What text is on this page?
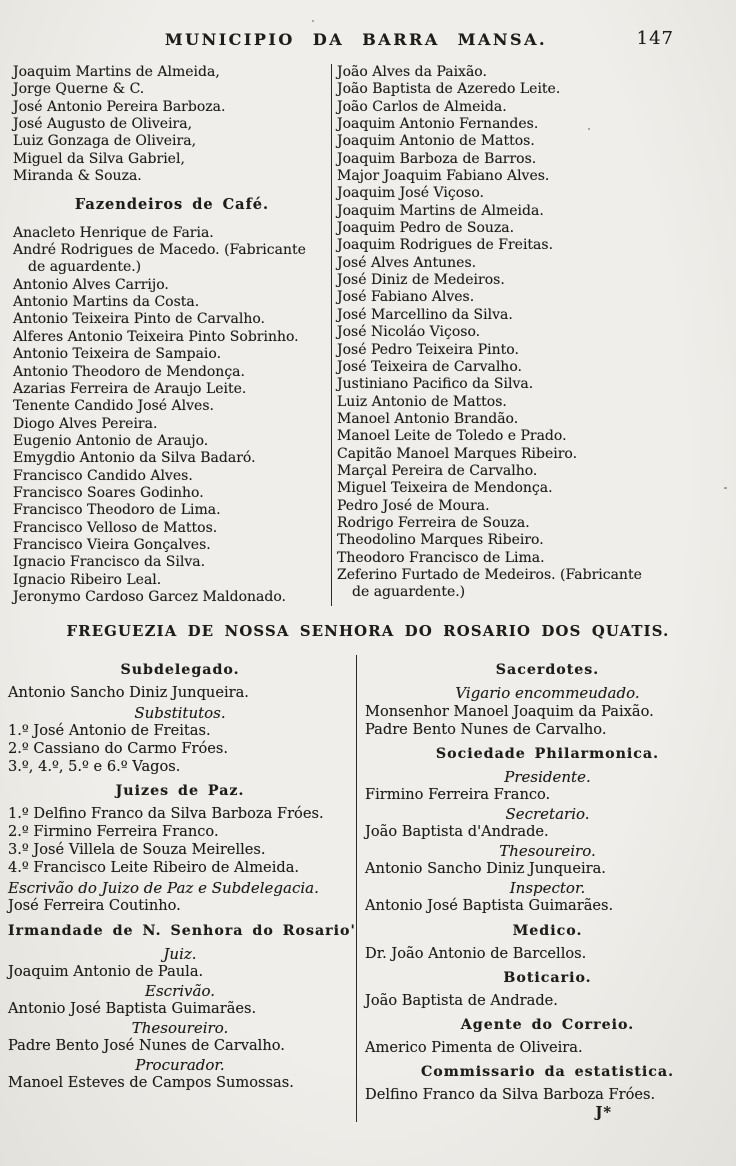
MUNICIPIO DA BARRA MANSA.	147
Joaquim Martins de Almeida,
Jorge Querne & C.
José Antonio Pereira Barboza.
José Augusto de Oliveira,
Luiz Gonzaga de Oliveira,
Miguel da Silva Gabriel,
Miranda & Souza.
Fazendeiros de Café.
Anacleto Henrique de Faria.
André Rodrigues de Macedo. (Fabricante
de aguardente.)
Antonio Alves Carrijo.
Antonio Martins da Costa.
Antonio Teixeira Pinto de Carvalho.
Alferes Antonio Teixeira Pinto Sobrinho.
Antonio Teixeira de Sampaio.
Antonio Theodoro de Mendonça.
Azarias Ferreira de Araujo Leite.
Tenente Candido José Alves.
Diogo Alves Pereira.
Eugenio Antonio de Araujo.
Emygdio Antonio da Silva Badaró.
Francisco Candido Alves.
Francisco Soares Godinho.
Francisco Theodoro de Lima.
Francisco Velloso de Mattos.
Francisco Vieira Gonçalves.
Ignacio Francisco da Silva.
Ignacio Ribeiro Leal.
Jeronymo Cardoso Garcez Maldonado.
João Alves da Paixão.
João Baptista de Azeredo Leite.
João Carlos de Almeida.
Joaquim Antonio Fernandes.
Joaquim Antonio de Mattos.
Joaquim Barboza de Barros.
Major Joaquim Fabiano Alves.
Joaquim José Viçoso.
Joaquim Martins de Almeida.
Joaquim Pedro de Souza.
Joaquim Rodrigues de Freitas.
José Alves Antunes.
José Diniz de Medeiros.
José Fabiano Alves.
José Marcellino da Silva.
José Nicoláo Viçoso.
José Pedro Teixeira Pinto.
José Teixeira de Carvalho.
Justiniano Pacifico da Silva.
Luiz Antonio de Mattos.
Manoel Antonio Brandão.
Manoel Leite de Toledo e Prado.
Capitão Manoel Marques Ribeiro.
Marçal Pereira de Carvalho.
Miguel Teixeira de Mendonça.
Pedro José de Moura.
Rodrigo Ferreira de Souza.
Theodolino Marques Ribeiro.
Theodoro Francisco de Lima.
Zeferino Furtado de Medeiros. (Fabricante
de aguardente.)
FREGUEZIA DE NOSSA SENHORA DO ROSARIO DOS QUATIS.
Subdelegado.
Antonio Sancho Diniz Junqueira.
Substitutos.
1.º José Antonio de Freitas.
2.º Cassiano do Carmo Fróes.
3.º, 4.º, 5.º e 6.º Vagos.
Juizes de Paz.
1.º Delfino Franco da Silva Barboza Fróes.
2.º Firmino Ferreira Franco.
3.º José Villela de Souza Meirelles.
4.º Francisco Leite Ribeiro de Almeida.
Escrivão do Juizo de Paz e Subdelegacia.
José Ferreira Coutinho.
Irmandade de N. Senhora do Rosario'
Juiz.
Joaquim Antonio de Paula.
Escrivão.
Antonio José Baptista Guimarães.
Thesoureiro.
Padre Bento José Nunes de Carvalho.
Procurador.
Manoel Esteves de Campos Sumossas.
Sacerdotes.
Vigario encommeudado.
Monsenhor Manoel Joaquim da Paixão.
Padre Bento Nunes de Carvalho.
Sociedade Philarmonica.
Presidente.
Firmino Ferreira Franco.
Secretario.
João Baptista d'Andrade.
Thesoureiro.
Antonio Sancho Diniz Junqueira.
Inspector.
Antonio José Baptista Guimarães.
Medico.
Dr. João Antonio de Barcellos.
Boticario.
João Baptista de Andrade.
Agente do Correio.
Americo Pimenta de Oliveira.
Commissario da estatistica.
Delfino Franco da Silva Barboza Fróes.
J*
